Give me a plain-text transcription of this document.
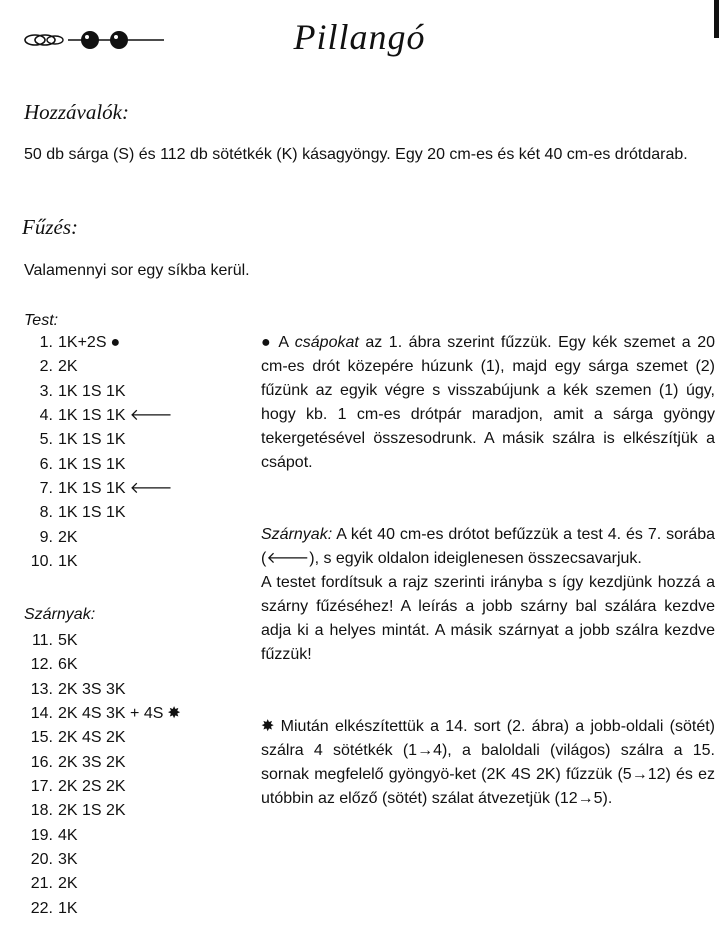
Pillangó
Hozzávalók:
50 db sárga (S) és 112 db sötétkék (K) kásagyöngy. Egy 20 cm-es és két 40 cm-es drótdarab.
Fűzés:
Valamennyi sor egy síkba kerül.
Test:
1. 1K+2S ●
2. 2K
3. 1K 1S 1K
4. 1K 1S 1K 🡐
5. 1K 1S 1K
6. 1K 1S 1K
7. 1K 1S 1K 🡐
8. 1K 1S 1K
9. 2K
10. 1K
Szárnyak:
11. 5K
12. 6K
13. 2K 3S 3K
14. 2K 4S 3K + 4S ✸
15. 2K 4S 2K
16. 2K 3S 2K
17. 2K 2S 2K
18. 2K 1S 2K
19. 4K
20. 3K
21. 2K
22. 1K

● A csápokat az 1. ábra szerint fűzzük. Egy kék szemet a 20 cm-es drót közepére húzunk (1), majd egy sárga szemet (2) fűzünk az egyik végre s visszabújunk a kék szemen (1) úgy, hogy kb. 1 cm-es drótpár maradjon, amit a sárga gyöngy tekergetésével összesodrunk. A másik szálra is elkészítjük a csápot.

Szárnyak: A két 40 cm-es drótot befűzzük a test 4. és 7. sorába (🡐), s egyik oldalon ideiglenesen összecsavarjuk.

A testet fordítsuk a rajz szerinti irányba s így kezdjünk hozzá a szárny fűzéséhez! A leírás a jobb szárny bal szálára kezdve adja ki a helyes mintát. A másik szárnyat a jobb szálra kezdve fűzzük!

✸ Miután elkészítettük a 14. sort (2. ábra) a jobb-oldali (sötét) szálra 4 sötétkék (1→4), a baloldali (világos) szálra a 15. sornak megfelelő gyöngyö-ket (2K 4S 2K) fűzzük (5→12) és ez utóbbin az előző (sötét) szálat átvezetjük (12→5).
